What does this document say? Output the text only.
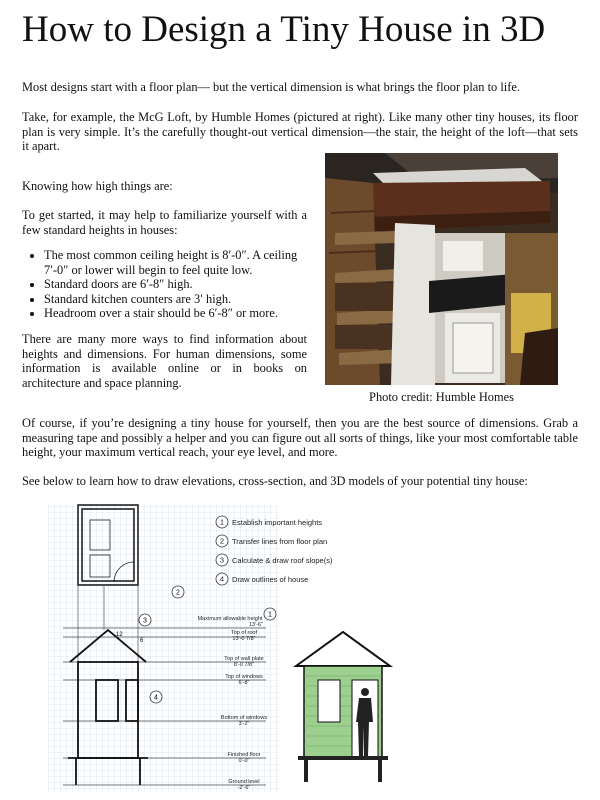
How to Design a Tiny House in 3D

Most designs start with a floor plan— but the vertical dimension is what brings the floor plan to life.

Take, for example, the McG Loft, by Humble Homes (pictured at right). Like many other tiny houses, its floor plan is very simple. It’s the carefully thought-out vertical dimension—the stair, the height of the loft—that sets it apart.

Knowing how high things are:

To get started, it may help to familiarize yourself with a few standard heights in houses:

• The most common ceiling height is 8′-0″. A ceiling 7′-0″ or lower will begin to feel quite low.
• Standard doors are 6′-8″ high.
• Standard kitchen counters are 3′ high.
• Headroom over a stair should be 6′-8″ or more.

There are many more ways to find information about heights and dimensions. For human dimensions, some information is available online or in books on architecture and space planning.

Photo credit: Humble Homes

Of course, if you’re designing a tiny house for yourself, then you are the best source of dimensions. Grab a measuring tape and possibly a helper and you can figure out all sorts of things, like your most comfortable table height, your maximum vertical reach, your eye level, and more.

See below to learn how to draw elevations, cross-section, and 3D models of your potential tiny house:

12
6
2
3
4
1
Maximum allowable height
13'-6"
Top of roof
13'-0 7/8"
Top of wall plate
8'-0 7/8"
Top of windows
6'-8"
Bottom of windows
3'-2"
Finished floor
0'-0"
Ground level
-2'-6"
1 Establish important heights
2 Transfer lines from floor plan
3 Calculate & draw roof slope(s)
4 Draw outlines of house
